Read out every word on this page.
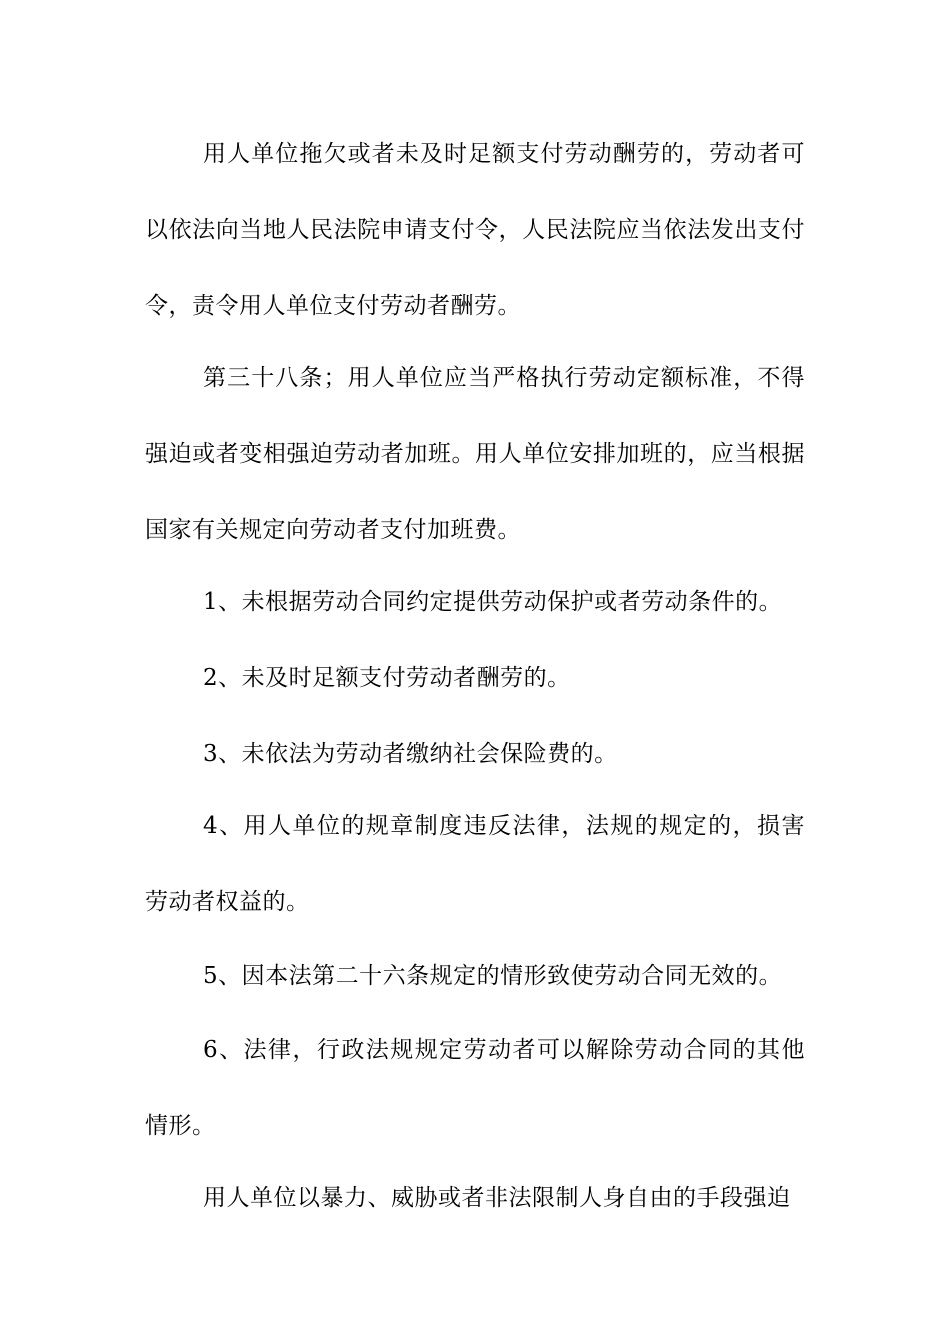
用人单位拖欠或者未及时足额支付劳动酬劳的，劳动者可以依法向当地人民法院申请支付令，人民法院应当依法发出支付令，责令用人单位支付劳动者酬劳。

第三十八条；用人单位应当严格执行劳动定额标准，不得强迫或者变相强迫劳动者加班。用人单位安排加班的，应当根据国家有关规定向劳动者支付加班费。

1、未根据劳动合同约定提供劳动保护或者劳动条件的。

2、未及时足额支付劳动者酬劳的。

3、未依法为劳动者缴纳社会保险费的。

4、用人单位的规章制度违反法律，法规的规定的，损害劳动者权益的。

5、因本法第二十六条规定的情形致使劳动合同无效的。

6、法律，行政法规规定劳动者可以解除劳动合同的其他情形。

用人单位以暴力、威胁或者非法限制人身自由的手段强迫
